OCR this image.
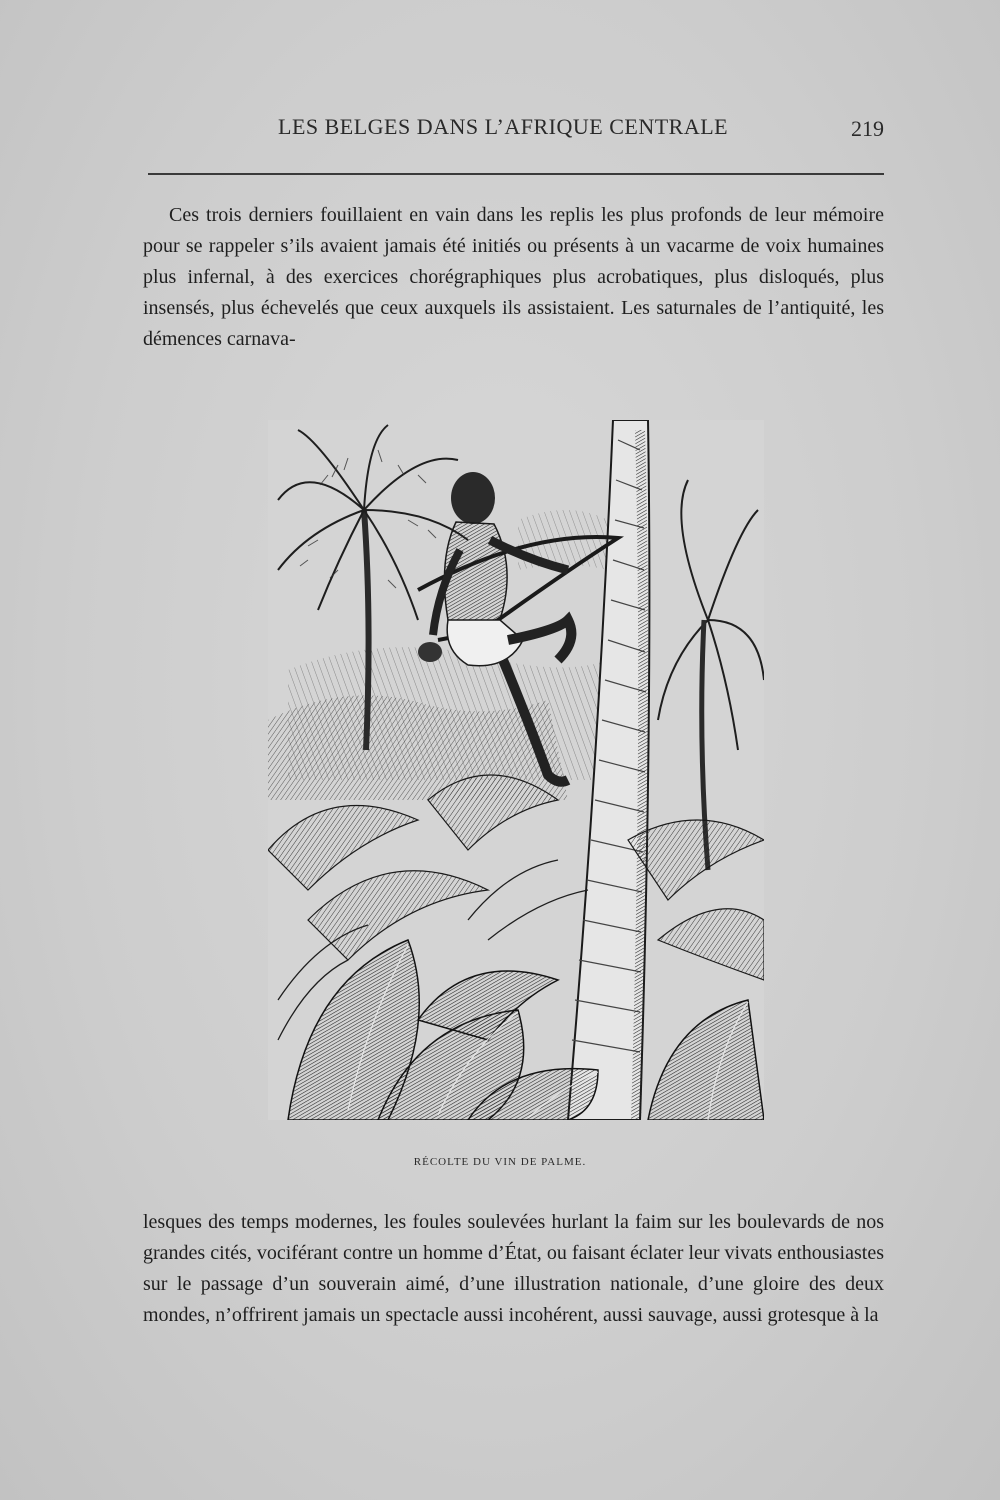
LES BELGES DANS L’AFRIQUE CENTRALE	219

Ces trois derniers fouillaient en vain dans les replis les plus profonds de leur mémoire pour se rappeler s’ils avaient jamais été initiés ou présents à un vacarme de voix humaines plus infernal, à des exercices chorégraphiques plus acrobatiques, plus disloqués, plus insensés, plus échevelés que ceux auxquels ils assistaient. Les saturnales de l’antiquité, les démences carnava-

RÉCOLTE DU VIN DE PALME.

lesques des temps modernes, les foules soulevées hurlant la faim sur les boulevards de nos grandes cités, vociférant contre un homme d’État, ou faisant éclater leur vivats enthousiastes sur le passage d’un souverain aimé, d’une illustration nationale, d’une gloire des deux mondes, n’offrirent jamais un spectacle aussi incohérent, aussi sauvage, aussi grotesque à la
